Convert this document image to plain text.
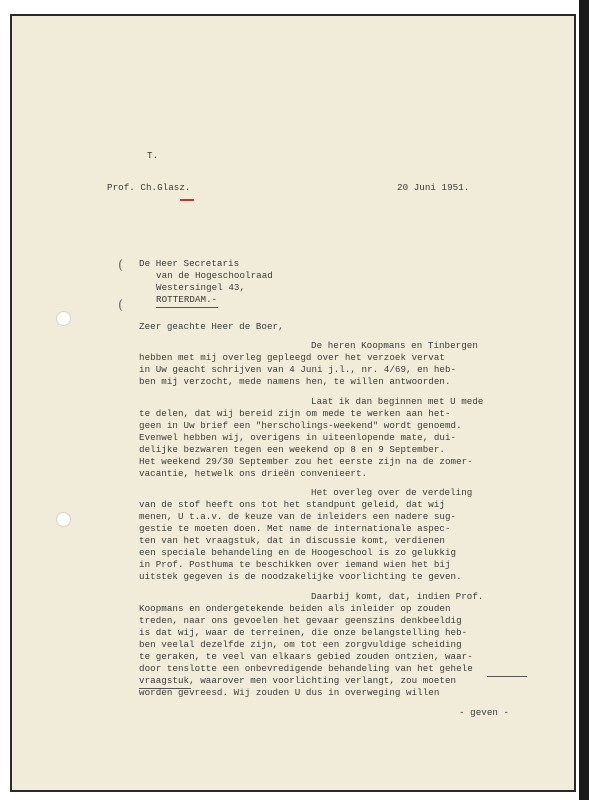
T.
Prof. Ch.Glasz.	20 Juni 1951.
(
(
De Heer Secretaris
van de Hogeschoolraad
Westersingel 43,
ROTTERDAM.-
Zeer geachte Heer de Boer,
De heren Koopmans en Tinbergen
hebben met mij overleg gepleegd over het verzoek vervat
in Uw geacht schrijven van 4 Juni j.l., nr. 4/69, en heb-
ben mij verzocht, mede namens hen, te willen antwoorden.
Laat ik dan beginnen met U mede
te delen, dat wij bereid zijn om mede te werken aan het-
geen in Uw brief een "herscholings-weekend" wordt genoemd.
Evenwel hebben wij, overigens in uiteenlopende mate, dui-
delijke bezwaren tegen een weekend op 8 en 9 September.
Het weekend 29/30 September zou het eerste zijn na de zomer-
vacantie, hetwelk ons drieën convenieert.
Het overleg over de verdeling
van de stof heeft ons tot het standpunt geleid, dat wij
menen, U t.a.v. de keuze van de inleiders een nadere sug-
gestie te moeten doen. Met name de internationale aspec-
ten van het vraagstuk, dat in discussie komt, verdienen
een speciale behandeling en de Hoogeschool is zo gelukkig
in Prof. Posthuma te beschikken over iemand wien het bij
uitstek gegeven is de noodzakelijke voorlichting te geven.
Daarbij komt, dat, indien Prof.
Koopmans en ondergetekende beiden als inleider op zouden
treden, naar ons gevoelen het gevaar geenszins denkbeeldig
is dat wij, waar de terreinen, die onze belangstelling heb-
ben veelal dezelfde zijn, om tot een zorgvuldige scheiding
te geraken, te veel van elkaars gebied zouden ontzien, waar-
door tenslotte een onbevredigende behandeling van het gehele
vraagstuk, waarover men voorlichting verlangt, zou moeten
worden gevreesd. Wij zouden U dus in overweging willen
- geven -
